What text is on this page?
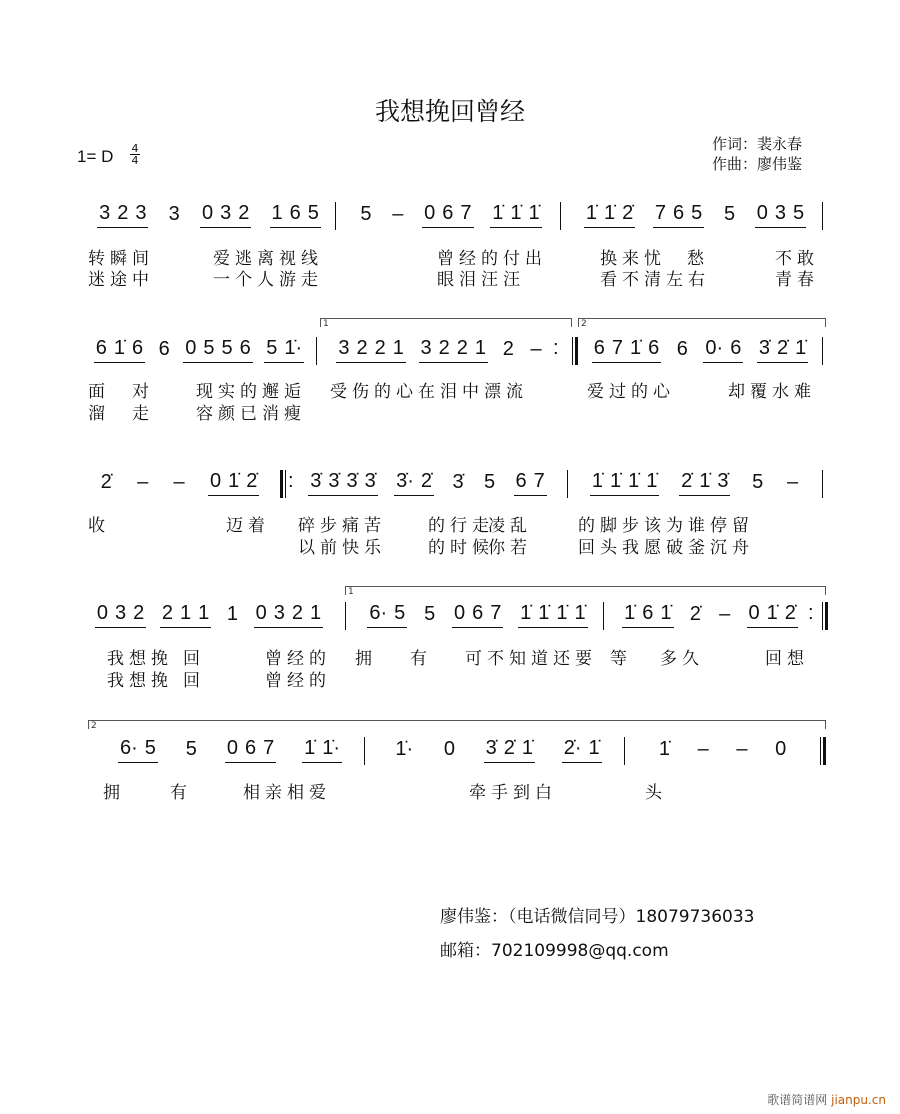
我想挽回曾经
1= D $\frac{4}{4}$	作词：裴永春
作曲：廖伟鉴
3 2 3 3 0 3 2 1 6 5 5 – 0 6 7 1̇ 1̇ 1̇ 1̇ 1̇ 2̇ 7 6 5 5 0 3 5
转瞬间	爱逃离视线	曾经的付出	换来忧 愁	不敢
迷途中	一个人游走	眼泪汪汪	看不清左右	青春
6 1̇ 6 6 0 5 5 6 5 1̇· 3 2 2 1 3 2 2 1 2 –	6 7 1̇ 6 6 0· 6 3̇ 2̇ 1̇
:
1	2
面 对 现实的邂逅 受伤的心在泪中漂流	爱过的心	却覆水难
溜 走 容颜已消瘦
2̇ – – 0 1̇ 2̇	3̇ 3̇ 3̇ 3̇ 3̇· 2̇ 3̇ 5 6 7 1̇ 1̇ 1̇ 1̇ 2̇ 1̇ 3̇ 5 –
:
收	迈着 碎步痛苦 的行走
凌乱	的脚步该为谁停留
以前快乐 的时候
你若	回头我愿破釜沉舟
0 3 2 2 1 1 1 0 3 2 1 6· 5 5 0 6 7 1̇ 1̇ 1̇ 1̇ 1̇ 6 1̇ 2̇ – 0 1̇ 2̇ :
1
我想挽 回	曾经的 拥 有 可不知道还要 等 多久	回想
我想挽 回	曾经的
6· 5 5 0 6 7 1̇ 1̇·	1̇· 0 3̇ 2̇ 1̇ 2̇· 1̇	1̇ – – 0
2
拥	有	相亲相爱	牵手到白	头
廖伟鉴：（电话微信同号）18079736033
邮箱：702109998@qq.com
歌谱简谱网 jianpu.cn
